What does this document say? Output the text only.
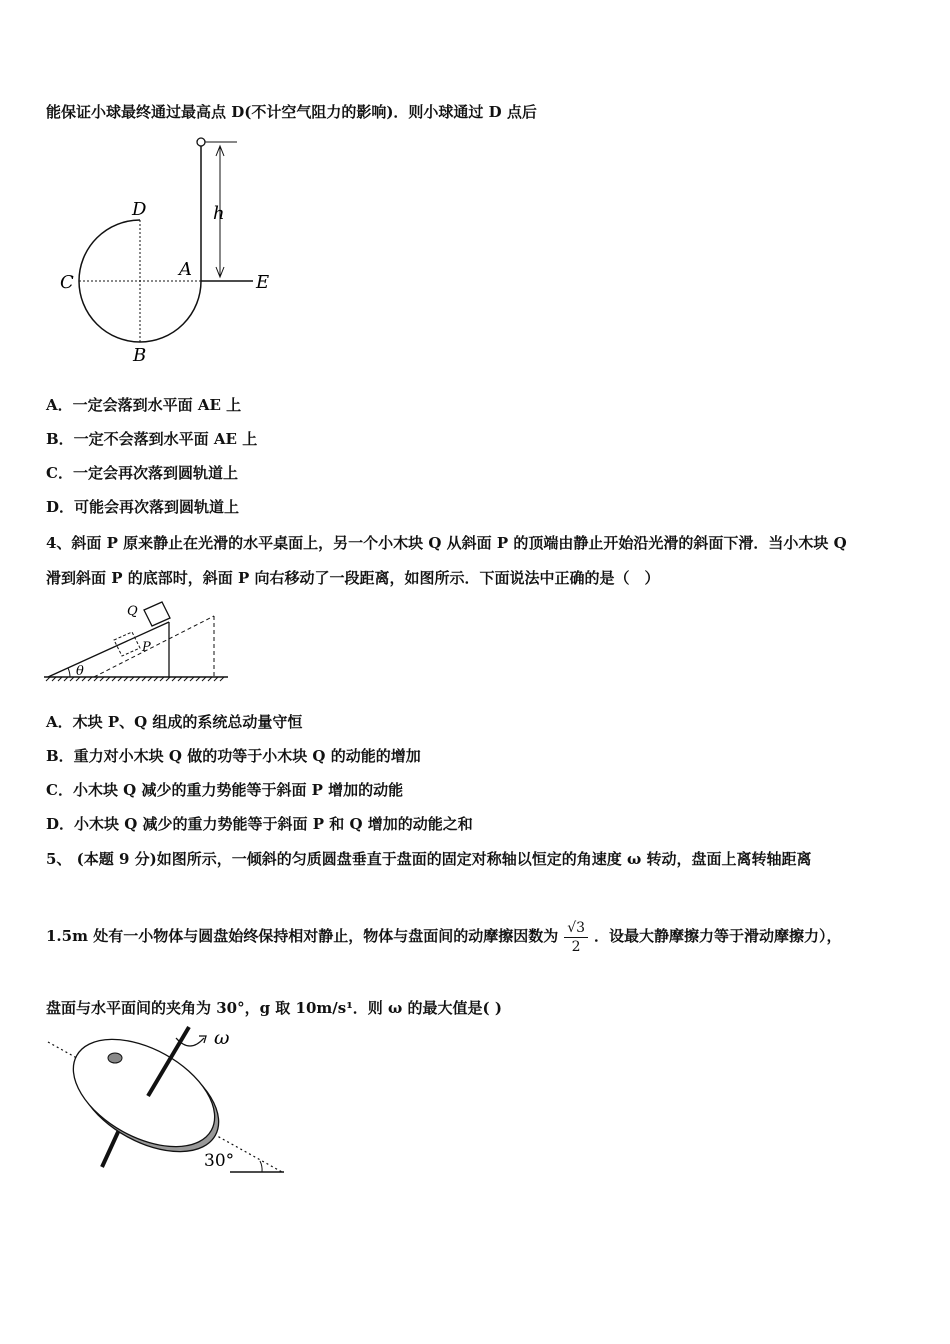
能保证小球最终通过最高点 D(不计空气阻力的影响)．则小球通过 D 点后
h
D
C
A
E
B
A．一定会落到水平面 AE 上
B．一定不会落到水平面 AE 上
C．一定会再次落到圆轨道上
D．可能会再次落到圆轨道上
4、斜面 P 原来静止在光滑的水平桌面上，另一个小木块 Q 从斜面 P 的顶端由静止开始沿光滑的斜面下滑．当小木块 Q
滑到斜面 P 的底部时，斜面 P 向右移动了一段距离，如图所示．下面说法中正确的是（　）
Q
P
θ
A．木块 P、Q 组成的系统总动量守恒
B．重力对小木块 Q 做的功等于小木块 Q 的动能的增加
C．小木块 Q 减少的重力势能等于斜面 P 增加的动能
D．小木块 Q 减少的重力势能等于斜面 P 和 Q 增加的动能之和
5、 (本题 9 分)如图所示，一倾斜的匀质圆盘垂直于盘面的固定对称轴以恒定的角速度 ω 转动，盘面上离转轴距离
1.5m 处有一小物体与圆盘始终保持相对静止，物体与盘面间的动摩擦因数为 $\frac{√3}{2}$ ．设最大静摩擦力等于滑动摩擦力），
盘面与水平面间的夹角为 30°，g 取 10m/s¹．则 ω 的最大值是( )
30°
ω
